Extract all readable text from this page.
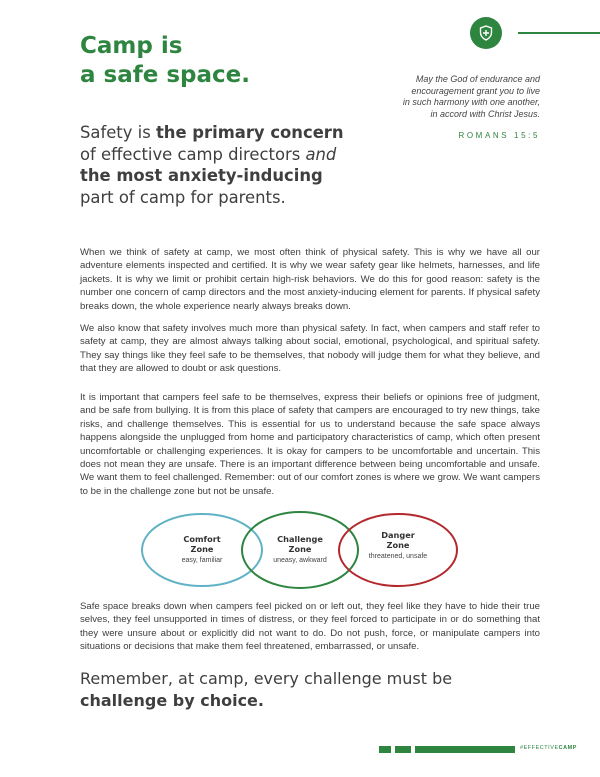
Camp is
a safe space.	May the God of endurance and
encouragement grant you to live
in such harmony with one another,
in accord with Christ Jesus.
ROMANS 15:5
Safety is the primary concern of effective camp directors and the most anxiety-inducing part of camp for parents.

When we think of safety at camp, we most often think of physical safety. This is why we have all our adventure elements inspected and certified. It is why we wear safety gear like helmets, harnesses, and life jackets. It is why we limit or prohibit certain high-risk behaviors. We do this for good reason: safety is the number one concern of camp directors and the most anxiety-inducing element for parents. If physical safety breaks down, the whole experience nearly always breaks down.

We also know that safety involves much more than physical safety. In fact, when campers and staff refer to safety at camp, they are almost always talking about social, emotional, psychological, and spiritual safety. They say things like they feel safe to be themselves, that nobody will judge them for what they believe, and that they are allowed to doubt or ask questions.

It is important that campers feel safe to be themselves, express their beliefs or opinions free of judgment, and be safe from bullying. It is from this place of safety that campers are encouraged to try new things, take risks, and challenge themselves. This is essential for us to understand because the safe space always happens alongside the unplugged from home and participatory characteristics of camp, which often present uncomfortable or challenging experiences. It is okay for campers to be uncomfortable and uncertain. This does not mean they are unsafe. There is an important difference between being uncomfortable and unsafe. We want them to feel challenged. Remember: out of our comfort zones is where we grow. We want campers to be in the challenge zone but not be unsafe.

Comfort
Zone
easy, familiar
Challenge
Zone
uneasy, awkward
Danger
Zone
threatened, unsafe

Safe space breaks down when campers feel picked on or left out, they feel like they have to hide their true selves, they feel unsupported in times of distress, or they feel forced to participate in or do something that they were unsure about or explicitly did not want to do. Do not push, force, or manipulate campers into situations or decisions that make them feel threatened, embarrassed, or unsafe.

Remember, at camp, every challenge must be challenge by choice.
#EFFECTIVECAMP
